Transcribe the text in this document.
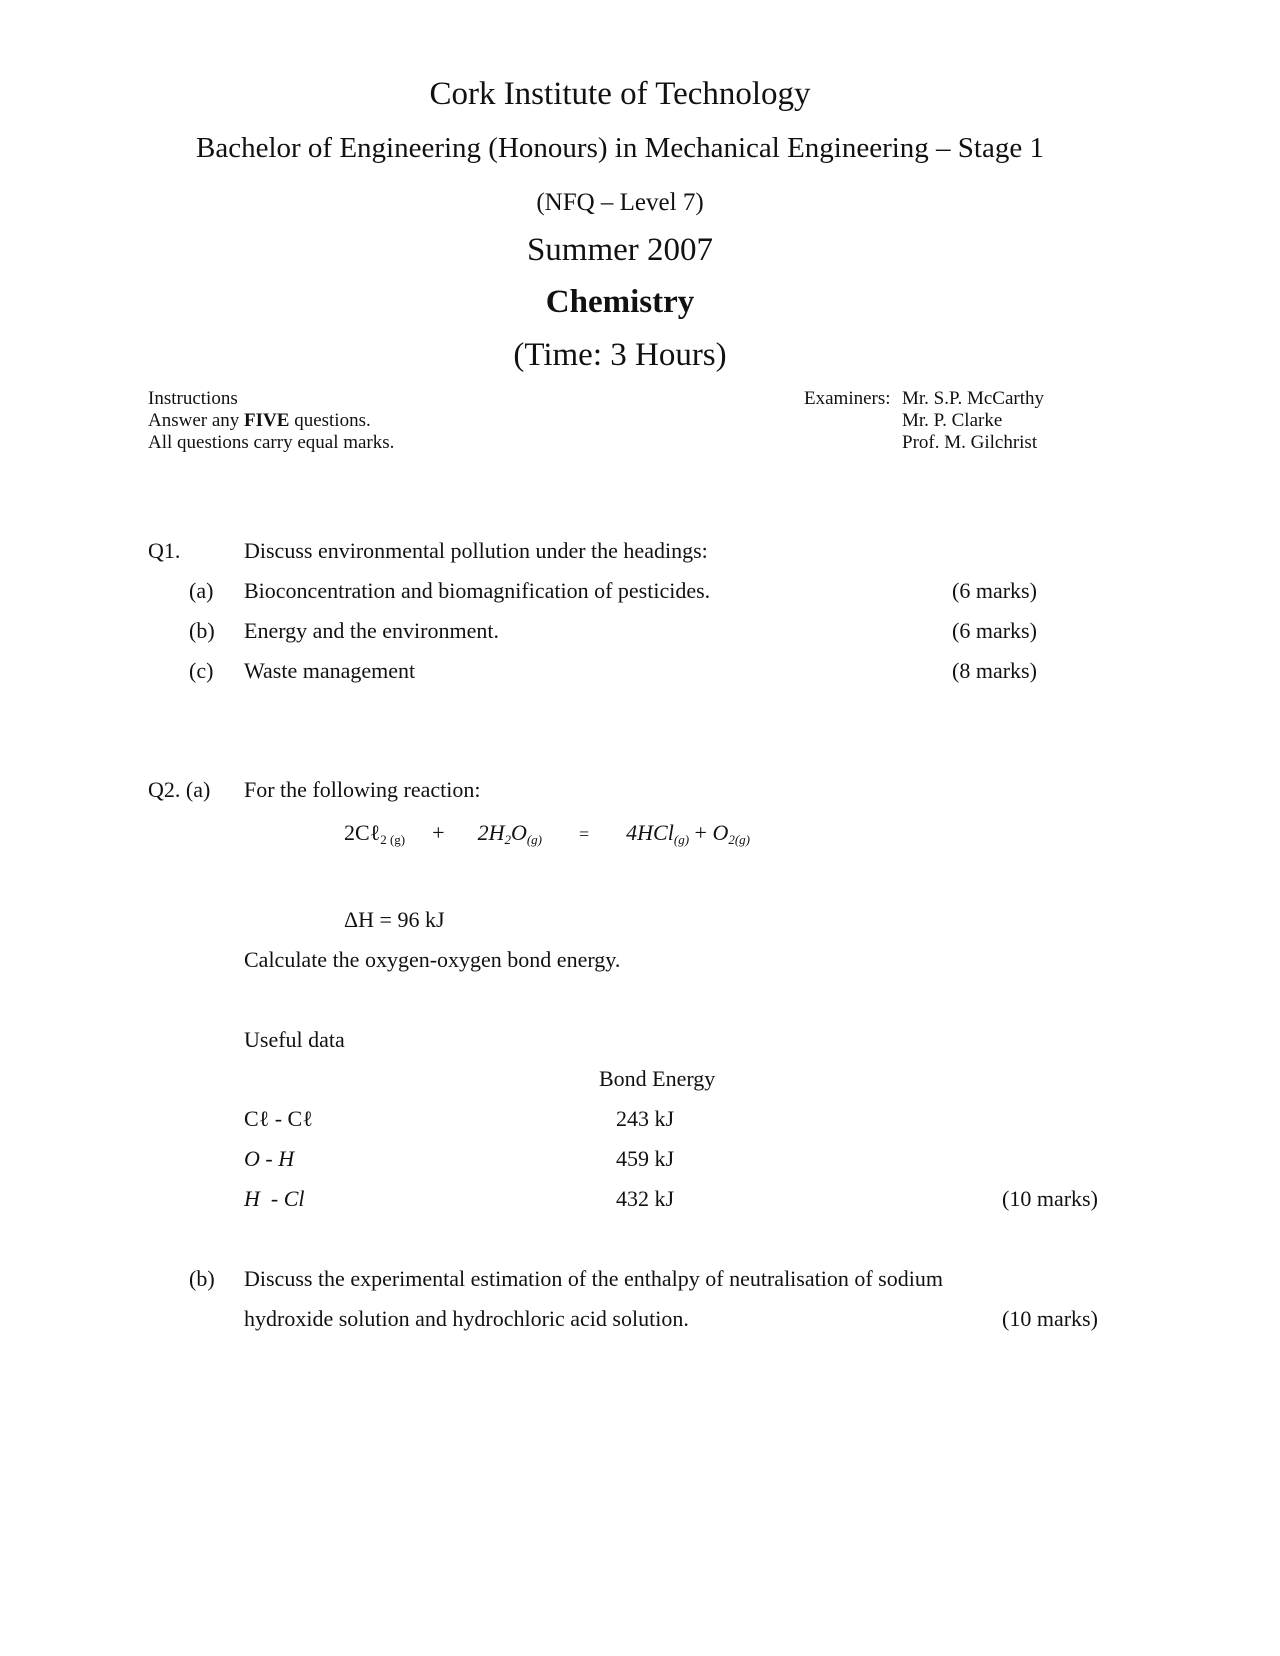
Cork Institute of Technology
Bachelor of Engineering (Honours) in Mechanical Engineering – Stage 1
(NFQ – Level 7)
Summer 2007
Chemistry
(Time: 3 Hours)
Instructions
Answer any FIVE questions.
All questions carry equal marks.
Examiners: Mr. S.P. McCarthy
Mr. P. Clarke
Prof. M. Gilchrist
Q1.	Discuss environmental pollution under the headings:
(a) Bioconcentration and biomagnification of pesticides.	(6 marks)
(b) Energy and the environment.	(6 marks)
(c) Waste management	(8 marks)
Q2. (a) For the following reaction:
2Cℓ$_{2 (g)}$ + $2H_2O_{(g)} = 4HCl_{(g)} + O_{2(g)}$
ΔH = 96 kJ
Calculate the oxygen-oxygen bond energy.
Useful data
Bond Energy
Cℓ - Cℓ	243 kJ
O - H	459 kJ
H  - Cl	432 kJ	(10 marks)
(b) Discuss the experimental estimation of the enthalpy of neutralisation of sodium
hydroxide solution and hydrochloric acid solution.	(10 marks)
